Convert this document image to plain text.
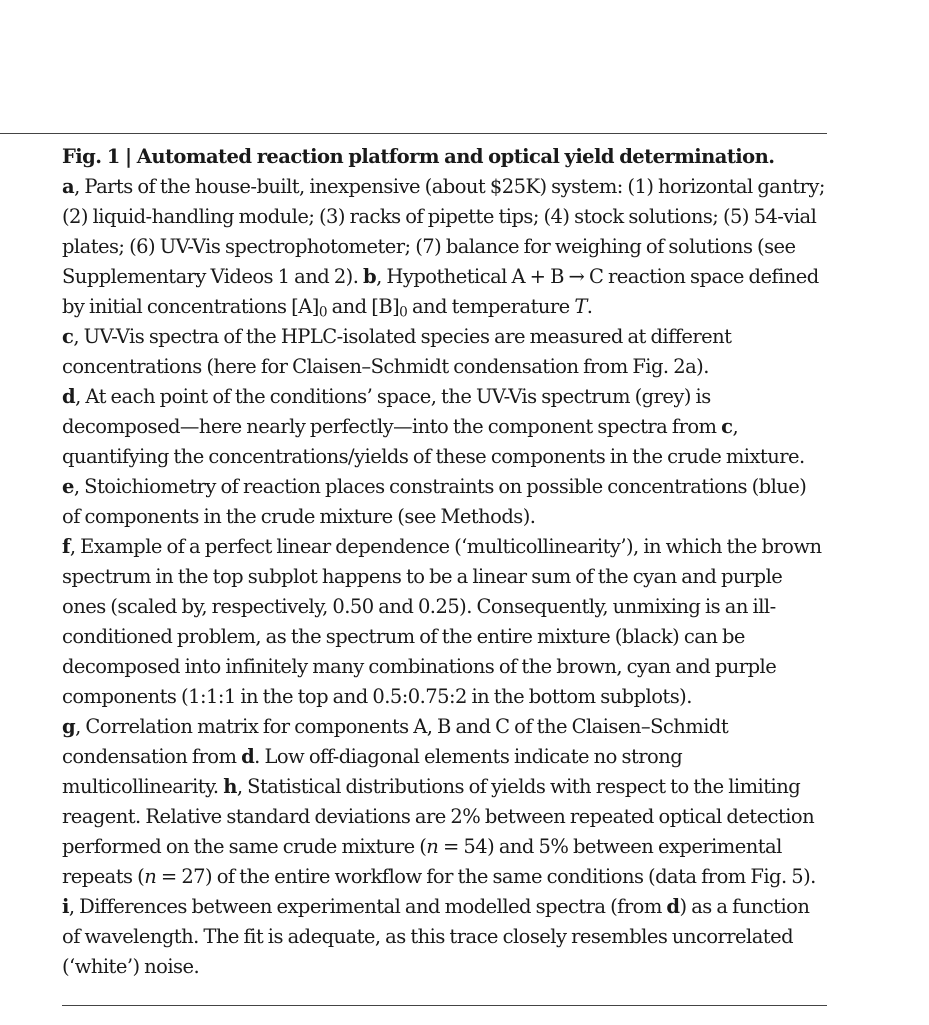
Fig. 1 | Automated reaction platform and optical yield determination.

a, Parts of the house-built, inexpensive (about $25K) system: (1) horizontal gantry; (2) liquid-handling module; (3) racks of pipette tips; (4) stock solutions; (5) 54-vial plates; (6) UV-Vis spectrophotometer; (7) balance for weighing of solutions (see Supplementary Videos 1 and 2). b, Hypothetical A + B → C reaction space defined by initial concentrations $[A]_0$ and $[B]_0$ and temperature T.
c, UV-Vis spectra of the HPLC-isolated species are measured at different concentrations (here for Claisen–Schmidt condensation from Fig. 2a).
d, At each point of the conditions’ space, the UV-Vis spectrum (grey) is decomposed—here nearly perfectly—into the component spectra from c, quantifying the concentrations/yields of these components in the crude mixture. e, Stoichiometry of reaction places constraints on possible concentrations (blue) of components in the crude mixture (see Methods).
f, Example of a perfect linear dependence (‘multicollinearity’), in which the brown spectrum in the top subplot happens to be a linear sum of the cyan and purple ones (scaled by, respectively, 0.50 and 0.25). Consequently, unmixing is an ill-conditioned problem, as the spectrum of the entire mixture (black) can be decomposed into infinitely many combinations of the brown, cyan and purple components (1:1:1 in the top and 0.5:0.75:2 in the bottom subplots).
g, Correlation matrix for components A, B and C of the Claisen–Schmidt condensation from d. Low off-diagonal elements indicate no strong multicollinearity. h, Statistical distributions of yields with respect to the limiting reagent. Relative standard deviations are 2% between repeated optical detection performed on the same crude mixture (n = 54) and 5% between experimental repeats (n = 27) of the entire workflow for the same conditions (data from Fig. 5). i, Differences between experimental and modelled spectra (from d) as a function of wavelength. The fit is adequate, as this trace closely resembles uncorrelated (‘white’) noise.
